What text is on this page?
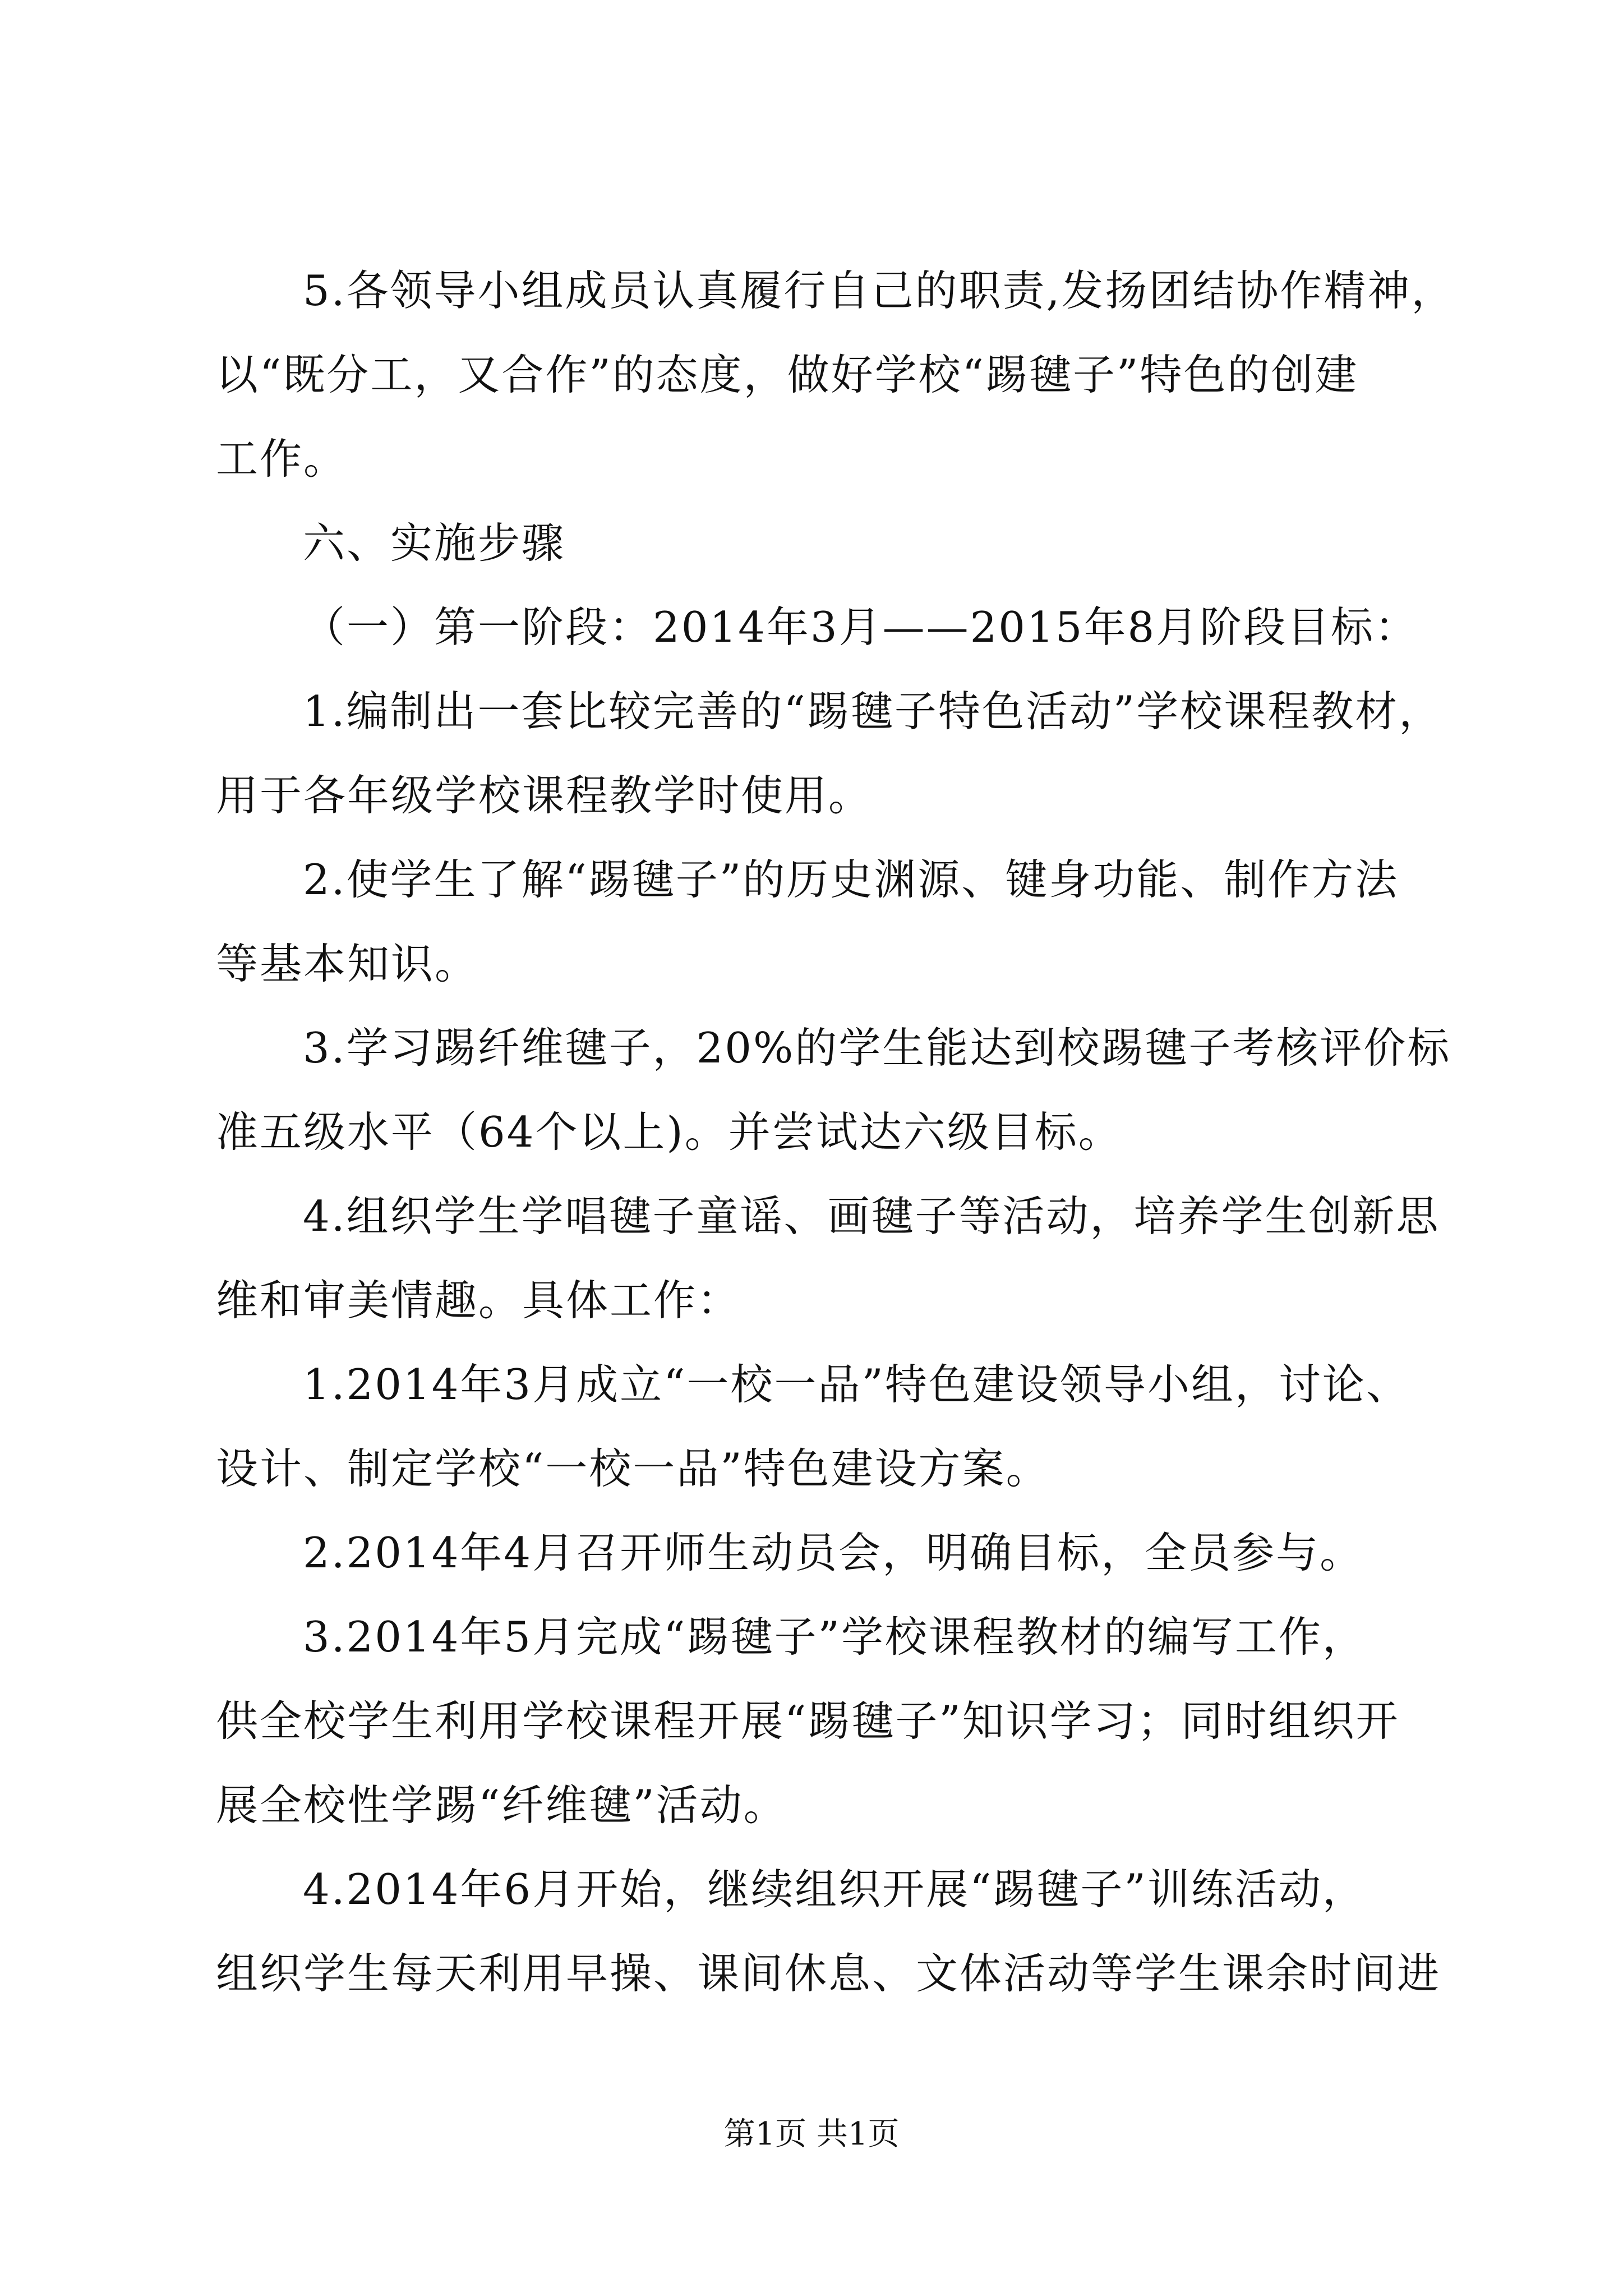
5.各领导小组成员认真履行自己的职责,发扬团结协作精神，
以“既分工，又合作”的态度，做好学校“踢毽子”特色的创建
工作。
六、实施步骤
（一）第一阶段：2014年3月——2015年8月阶段目标：
1.编制出一套比较完善的“踢毽子特色活动”学校课程教材，
用于各年级学校课程教学时使用。
2.使学生了解“踢毽子”的历史渊源、键身功能、制作方法
等基本知识。
3.学习踢纤维毽子，20%的学生能达到校踢毽子考核评价标
准五级水平（64个以上)。并尝试达六级目标。
4.组织学生学唱毽子童谣、画毽子等活动，培养学生创新思
维和审美情趣。具体工作：
1.2014年3月成立“一校一品”特色建设领导小组，讨论、
设计、制定学校“一校一品”特色建设方案。
2.2014年4月召开师生动员会，明确目标，全员参与。
3.2014年5月完成“踢毽子”学校课程教材的编写工作，
供全校学生利用学校课程开展“踢毽子”知识学习；同时组织开
展全校性学踢“纤维毽”活动。
4.2014年6月开始，继续组织开展“踢毽子”训练活动，
组织学生每天利用早操、课间休息、文体活动等学生课余时间进
第1页 共1页
